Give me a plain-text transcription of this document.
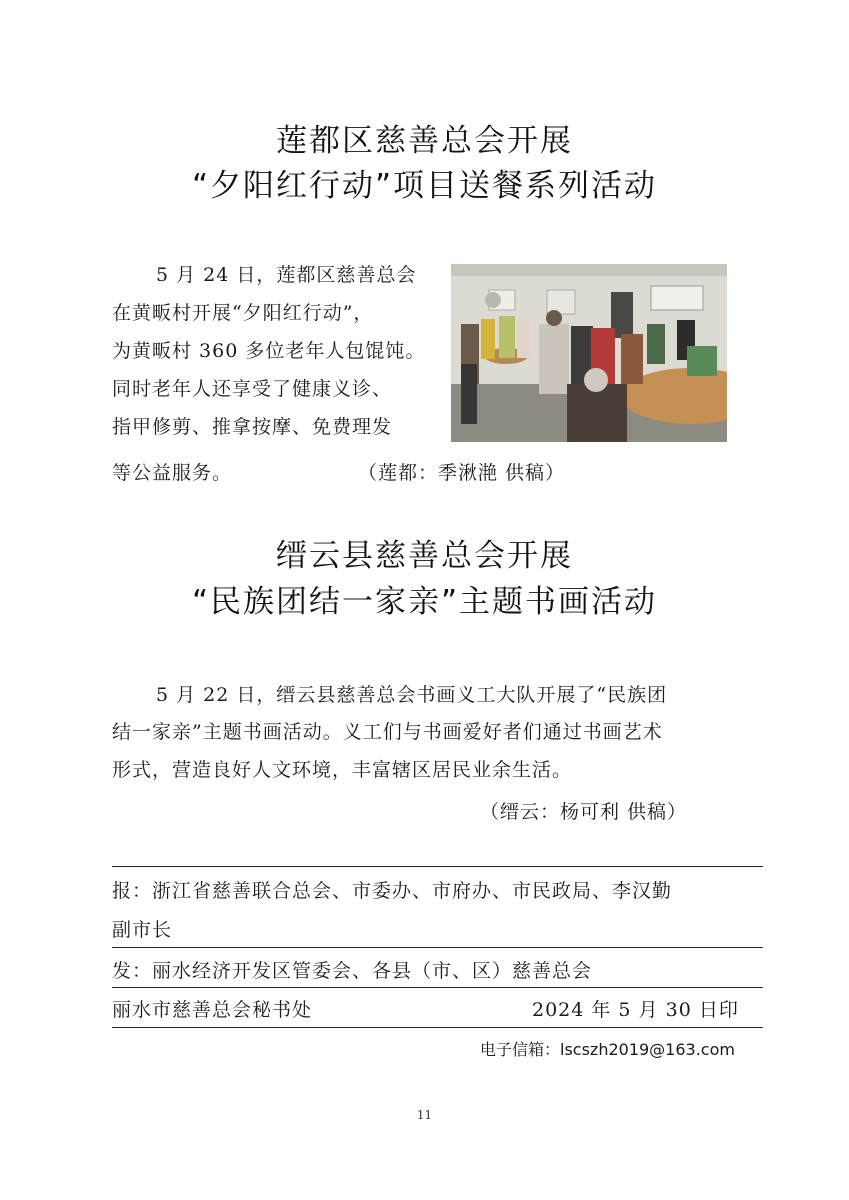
莲都区慈善总会开展
“夕阳红行动”项目送餐系列活动
5 月 24 日，莲都区慈善总会
在黄畈村开展“夕阳红行动”，
为黄畈村 360 多位老年人包馄饨。
同时老年人还享受了健康义诊、
指甲修剪、推拿按摩、免费理发
等公益服务。	（莲都：季湫滟 供稿）
缙云县慈善总会开展
“民族团结一家亲”主题书画活动
5 月 22 日，缙云县慈善总会书画义工大队开展了“民族团
结一家亲”主题书画活动。义工们与书画爱好者们通过书画艺术
形式，营造良好人文环境，丰富辖区居民业余生活。
（缙云：杨可利 供稿）
报：浙江省慈善联合总会、市委办、市府办、市民政局、李汉勤
副市长
发：丽水经济开发区管委会、各县（市、区）慈善总会
丽水市慈善总会秘书处	2024 年 5 月 30 日印
电子信箱：lscszh2019@163.com
11
